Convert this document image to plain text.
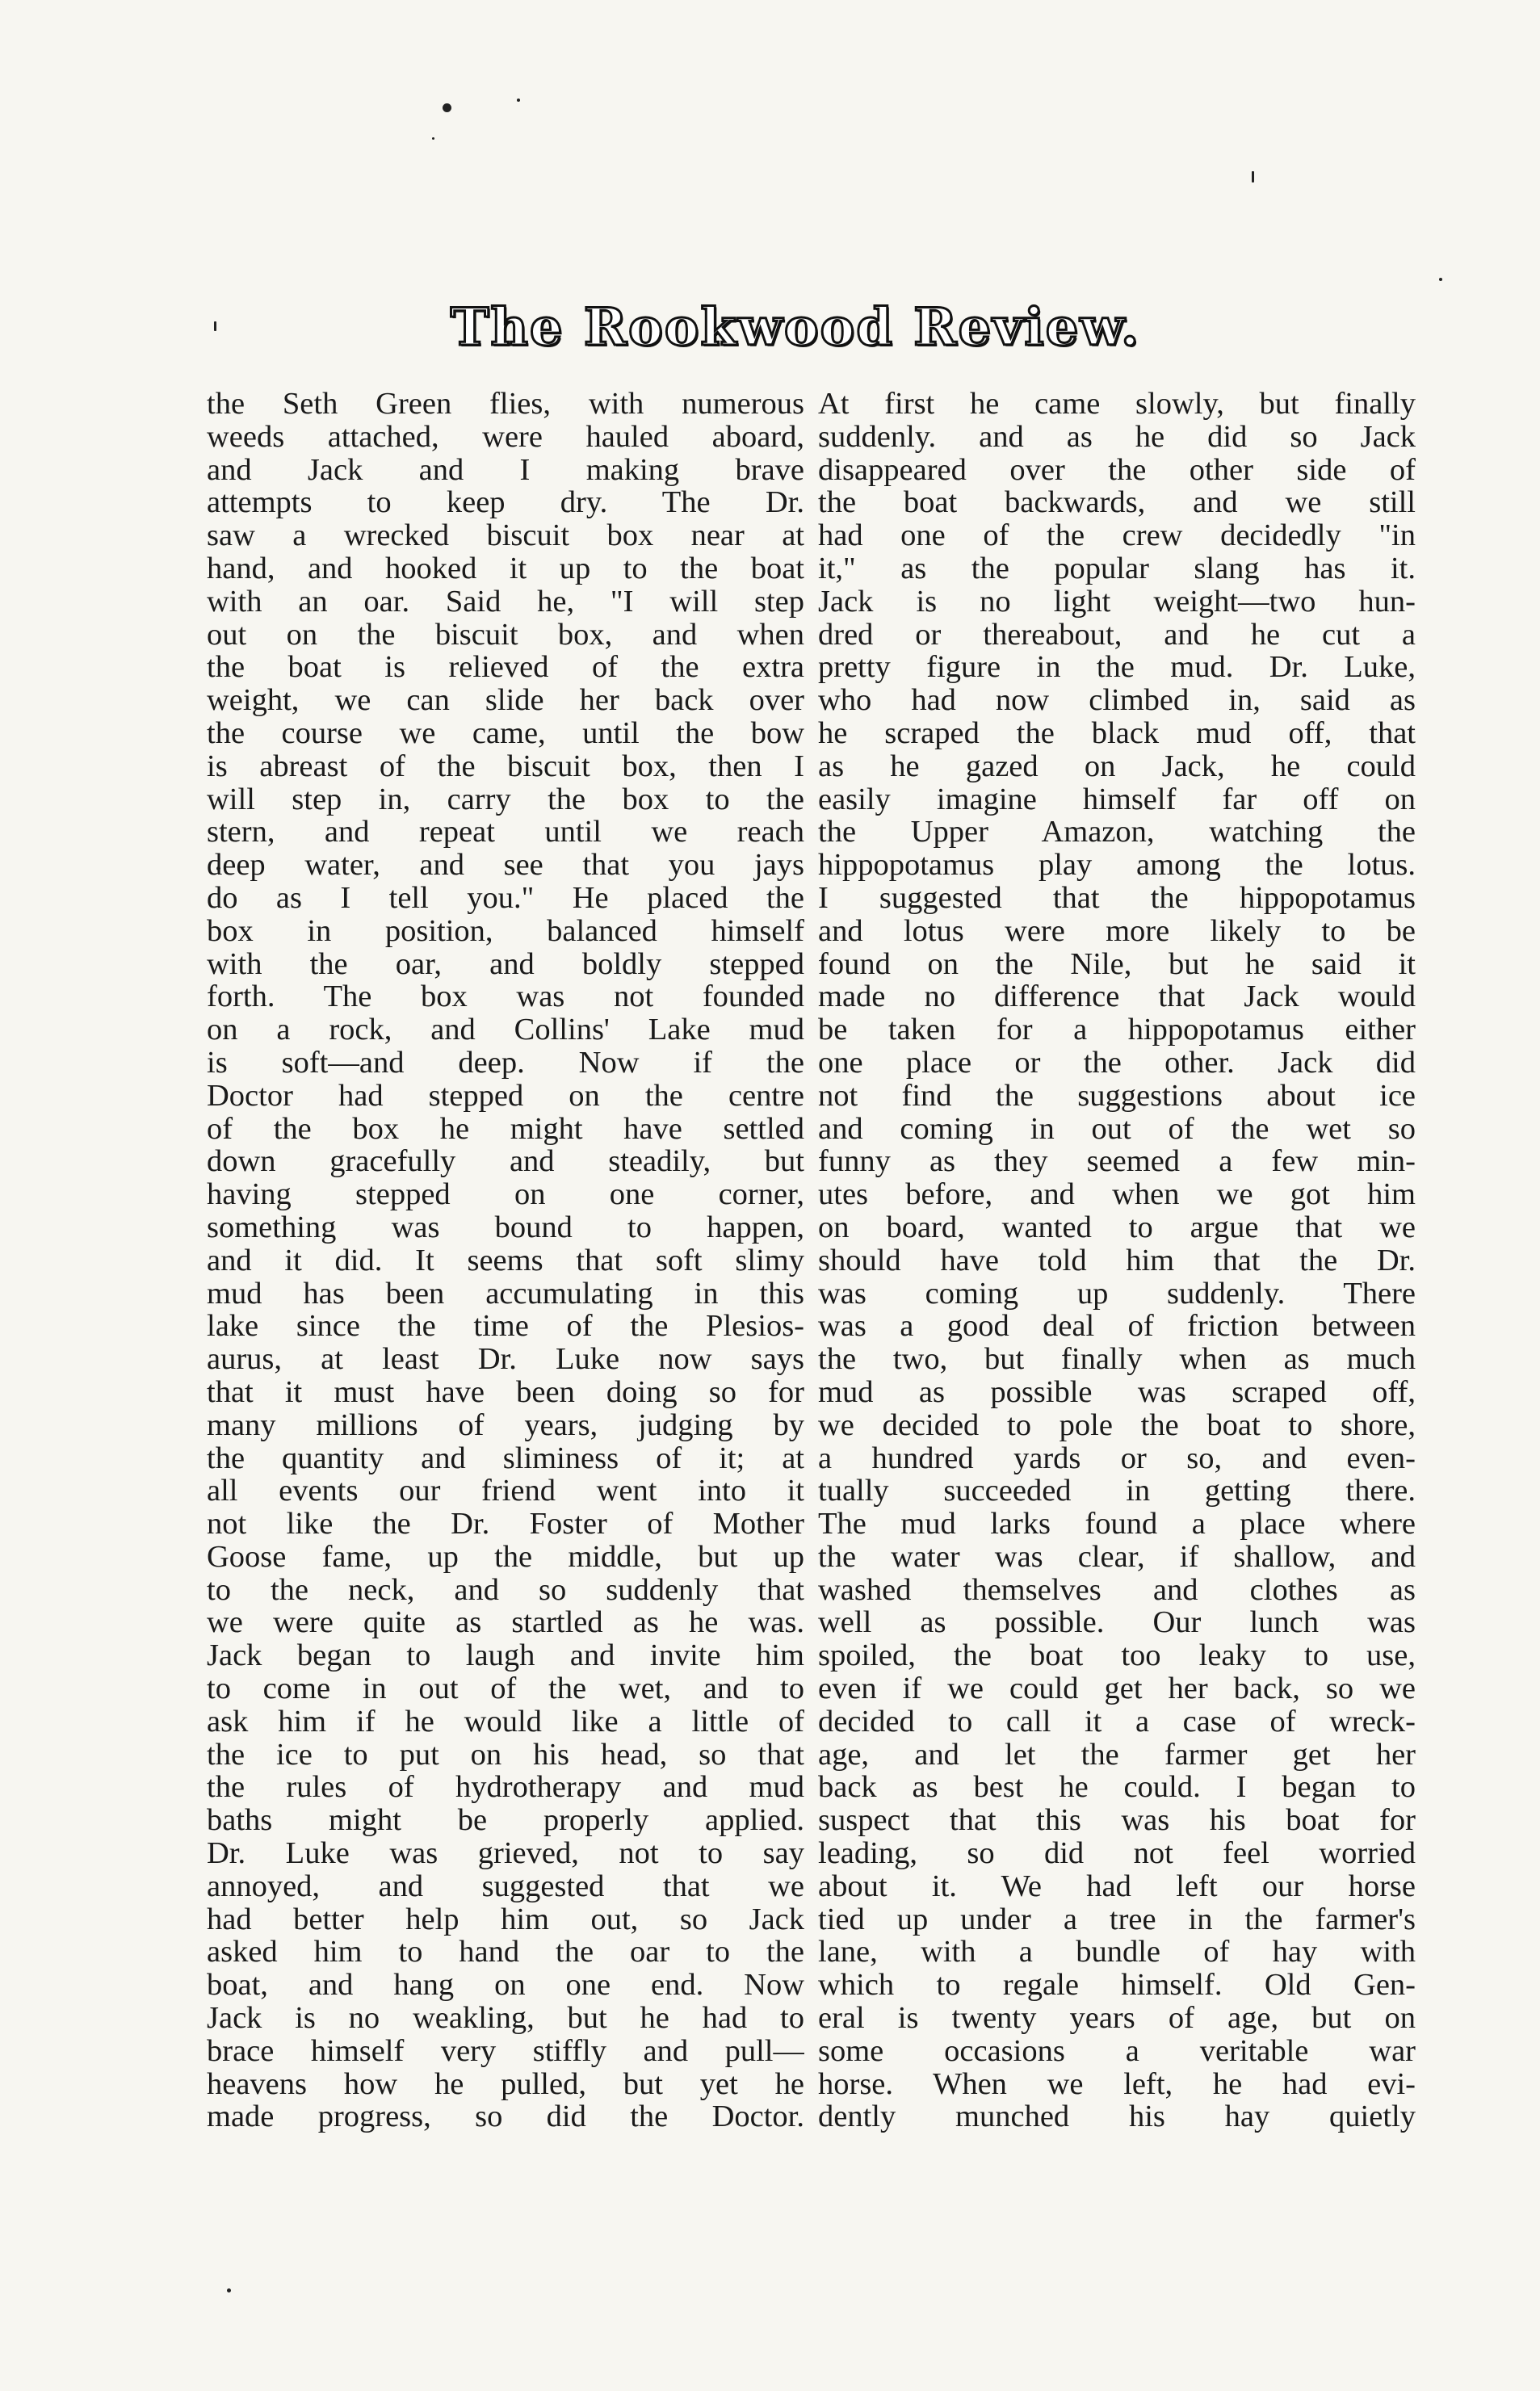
The Rookwood Review.
the Seth Green flies, with numerous
weeds attached, were hauled aboard,
and Jack and I making brave
attempts to keep dry. The Dr.
saw a wrecked biscuit box near at
hand, and hooked it up to the boat
with an oar. Said he, "I will step
out on the biscuit box, and when
the boat is relieved of the extra
weight, we can slide her back over
the course we came, until the bow
is abreast of the biscuit box, then I
will step in, carry the box to the
stern, and repeat until we reach
deep water, and see that you jays
do as I tell you." He placed the
box in position, balanced himself
with the oar, and boldly stepped
forth. The box was not founded
on a rock, and Collins' Lake mud
is soft—and deep. Now if the
Doctor had stepped on the centre
of the box he might have settled
down gracefully and steadily, but
having stepped on one corner,
something was bound to happen,
and it did. It seems that soft slimy
mud has been accumulating in this
lake since the time of the Plesios-
aurus, at least Dr. Luke now says
that it must have been doing so for
many millions of years, judging by
the quantity and sliminess of it; at
all events our friend went into it
not like the Dr. Foster of Mother
Goose fame, up the middle, but up
to the neck, and so suddenly that
we were quite as startled as he was.
Jack began to laugh and invite him
to come in out of the wet, and to
ask him if he would like a little of
the ice to put on his head, so that
the rules of hydrotherapy and mud
baths might be properly applied.
Dr. Luke was grieved, not to say
annoyed, and suggested that we
had better help him out, so Jack
asked him to hand the oar to the
boat, and hang on one end. Now
Jack is no weakling, but he had to
brace himself very stiffly and pull—
heavens how he pulled, but yet he
made progress, so did the Doctor.
At first he came slowly, but finally
suddenly. and as he did so Jack
disappeared over the other side of
the boat backwards, and we still
had one of the crew decidedly "in
it," as the popular slang has it.
Jack is no light weight—two hun-
dred or thereabout, and he cut a
pretty figure in the mud. Dr. Luke,
who had now climbed in, said as
he scraped the black mud off, that
as he gazed on Jack, he could
easily imagine himself far off on
the Upper Amazon, watching the
hippopotamus play among the lotus.
I suggested that the hippopotamus
and lotus were more likely to be
found on the Nile, but he said it
made no difference that Jack would
be taken for a hippopotamus either
one place or the other. Jack did
not find the suggestions about ice
and coming in out of the wet so
funny as they seemed a few min-
utes before, and when we got him
on board, wanted to argue that we
should have told him that the Dr.
was coming up suddenly. There
was a good deal of friction between
the two, but finally when as much
mud as possible was scraped off,
we decided to pole the boat to shore,
a hundred yards or so, and even-
tually succeeded in getting there.
The mud larks found a place where
the water was clear, if shallow, and
washed themselves and clothes as
well as possible. Our lunch was
spoiled, the boat too leaky to use,
even if we could get her back, so we
decided to call it a case of wreck-
age, and let the farmer get her
back as best he could. I began to
suspect that this was his boat for
leading, so did not feel worried
about it. We had left our horse
tied up under a tree in the farmer's
lane, with a bundle of hay with
which to regale himself. Old Gen-
eral is twenty years of age, but on
some occasions a veritable war
horse. When we left, he had evi-
dently munched his hay quietly
